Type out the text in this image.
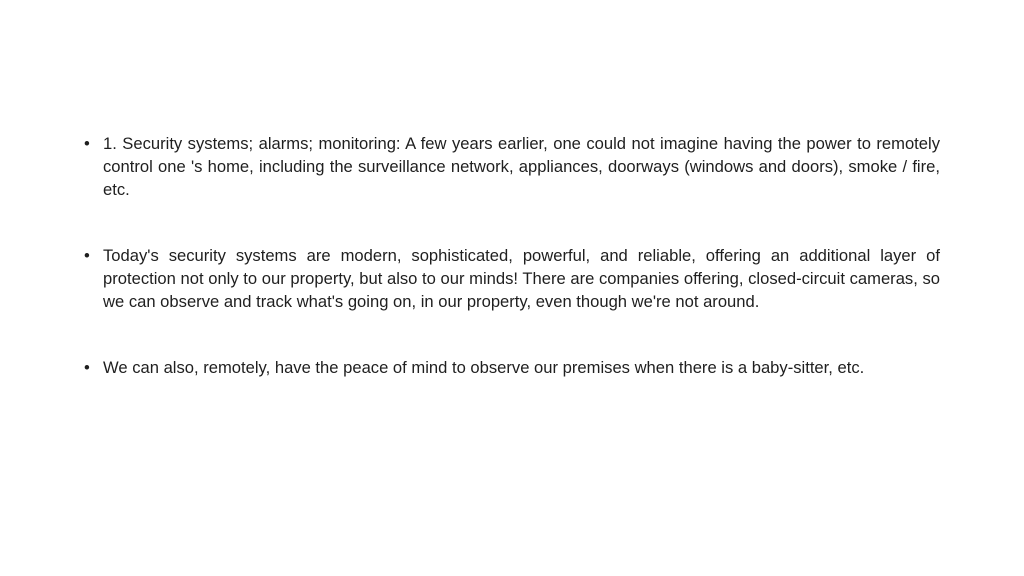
• 1. Security systems; alarms; monitoring: A few years earlier, one could not imagine having the power to remotely control one 's home, including the surveillance network, appliances, doorways (windows and doors), smoke / fire, etc.
• Today's security systems are modern, sophisticated, powerful, and reliable, offering an additional layer of protection not only to our property, but also to our minds! There are companies offering, closed-circuit cameras, so we can observe and track what's going on, in our property, even though we're not around.
• We can also, remotely, have the peace of mind to observe our premises when there is a baby-sitter, etc.
